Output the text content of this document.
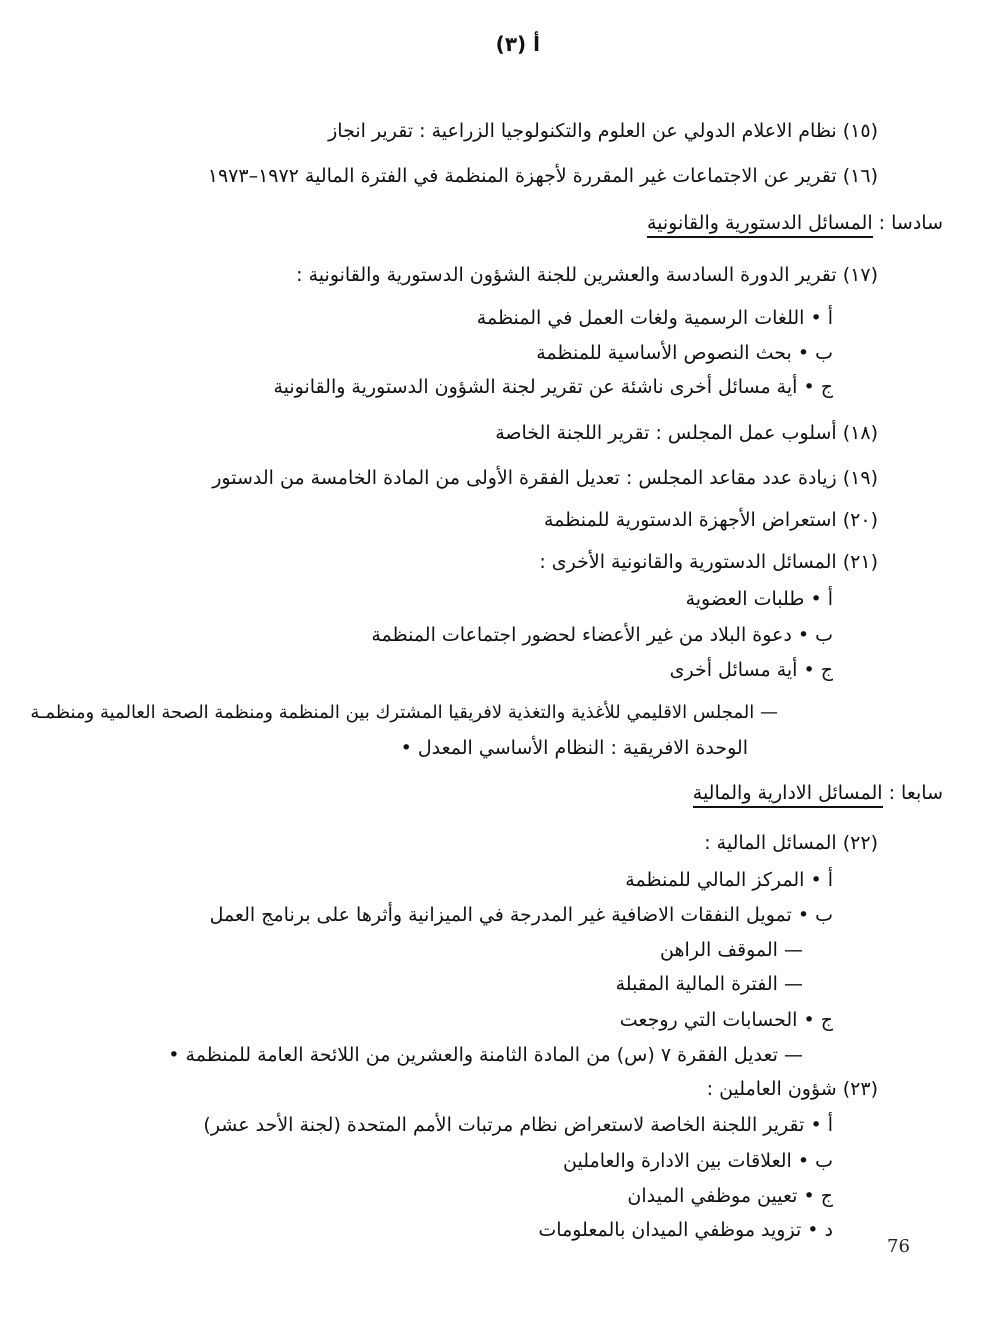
أ (٣)
(١٥) نظام الاعلام الدولي عن العلوم والتكنولوجيا الزراعية : تقرير انجاز
(١٦) تقرير عن الاجتماعات غير المقررة لأجهزة المنظمة في الفترة المالية ١٩٧٢–١٩٧٣
سادسا : المسائل الدستورية والقانونية
(١٧) تقرير الدورة السادسة والعشرين للجنة الشؤون الدستورية والقانونية :
أ • اللغات الرسمية ولغات العمل في المنظمة
ب • بحث النصوص الأساسية للمنظمة
ج • أية مسائل أخرى ناشئة عن تقرير لجنة الشؤون الدستورية والقانونية
(١٨) أسلوب عمل المجلس : تقرير اللجنة الخاصة
(١٩) زيادة عدد مقاعد المجلس : تعديل الفقرة الأولى من المادة الخامسة من الدستور
(٢٠) استعراض الأجهزة الدستورية للمنظمة
(٢١) المسائل الدستورية والقانونية الأخرى :
أ • طلبات العضوية
ب • دعوة البلاد من غير الأعضاء لحضور اجتماعات المنظمة
ج • أية مسائل أخرى
— المجلس الاقليمي للأغذية والتغذية لافريقيا المشترك بين المنظمة ومنظمة الصحة العالمية ومنظمـة
الوحدة الافريقية : النظام الأساسي المعدل •
سابعا : المسائل الادارية والمالية
(٢٢) المسائل المالية :
أ • المركز المالي للمنظمة
ب • تمويل النفقات الاضافية غير المدرجة في الميزانية وأثرها على برنامج العمل
— الموقف الراهن
— الفترة المالية المقبلة
ج • الحسابات التي روجعت
— تعديل الفقرة ٧ (س) من المادة الثامنة والعشرين من اللائحة العامة للمنظمة •
(٢٣) شؤون العاملين :
أ • تقرير اللجنة الخاصة لاستعراض نظام مرتبات الأمم المتحدة (لجنة الأحد عشر)
ب • العلاقات بين الادارة والعاملين
ج • تعيين موظفي الميدان
د • تزويد موظفي الميدان بالمعلومات
76
